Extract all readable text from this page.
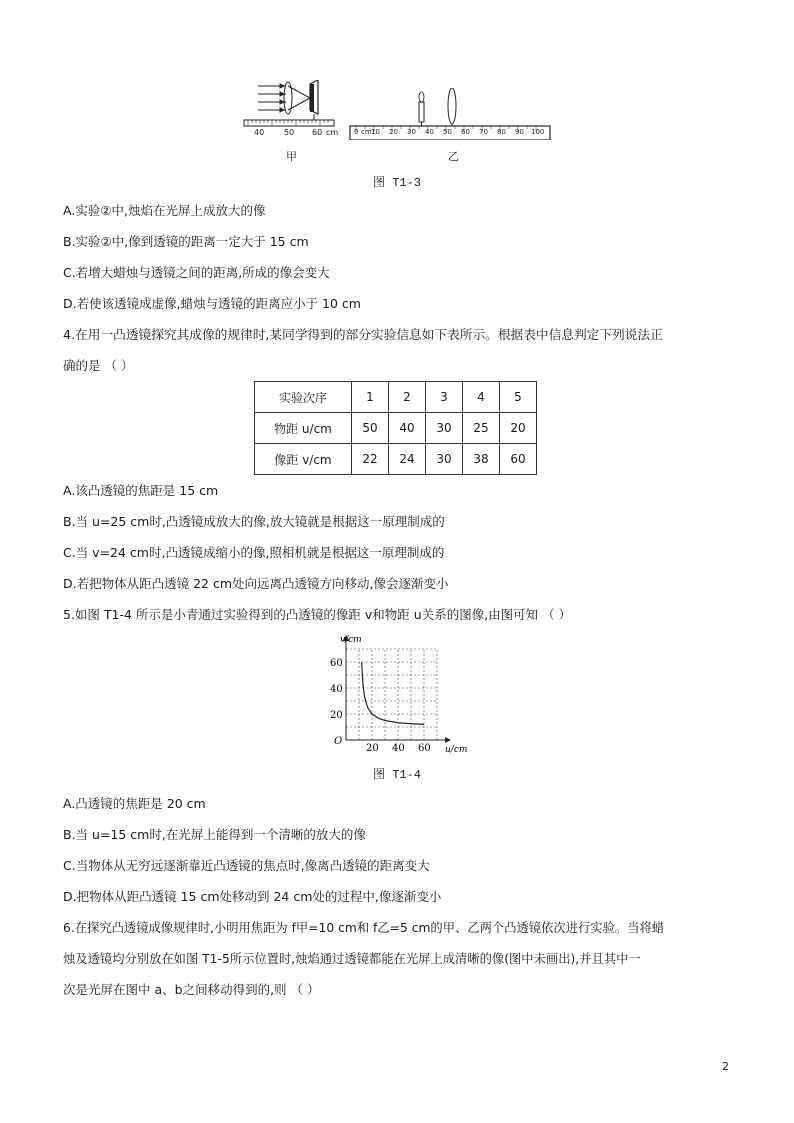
40 50 60 cm
甲
0 cm 10 20 30 40 50 60 70 80 90 100
乙
图 T1-3
A.实验②中,烛焰在光屏上成放大的像
B.实验②中,像到透镜的距离一定大于 15 cm
C.若增大蜡烛与透镜之间的距离,所成的像会变大
D.若使该透镜成虚像,蜡烛与透镜的距离应小于 10 cm
4.在用一凸透镜探究其成像的规律时,某同学得到的部分实验信息如下表所示。根据表中信息判定下列说法正
确的是 （ ）
实验次序	1	2	3	4	5
物距 u/cm	50	40	30	25	20
像距 v/cm	22	24	30	38	60
A.该凸透镜的焦距是 15 cm
B.当 u=25 cm时,凸透镜成放大的像,放大镜就是根据这一原理制成的
C.当 v=24 cm时,凸透镜成缩小的像,照相机就是根据这一原理制成的
D.若把物体从距凸透镜 22 cm处向远离凸透镜方向移动,像会逐渐变小
5.如图 T1-4 所示是小青通过实验得到的凸透镜的像距 v和物距 u关系的图像,由图可知 （ ）
v/cm
u/cm
O
20 40 60
20
40
60
图 T1-4
A.凸透镜的焦距是 20 cm
B.当 u=15 cm时,在光屏上能得到一个清晰的放大的像
C.当物体从无穷远逐渐靠近凸透镜的焦点时,像离凸透镜的距离变大
D.把物体从距凸透镜 15 cm处移动到 24 cm处的过程中,像逐渐变小
6.在探究凸透镜成像规律时,小明用焦距为 f甲=10 cm和 f乙=5 cm的甲、乙两个凸透镜依次进行实验。当将蜡
烛及透镜均分别放在如图 T1-5所示位置时,烛焰通过透镜都能在光屏上成清晰的像(图中未画出),并且其中一
次是光屏在图中 a、b之间移动得到的,则 （ ）
2
